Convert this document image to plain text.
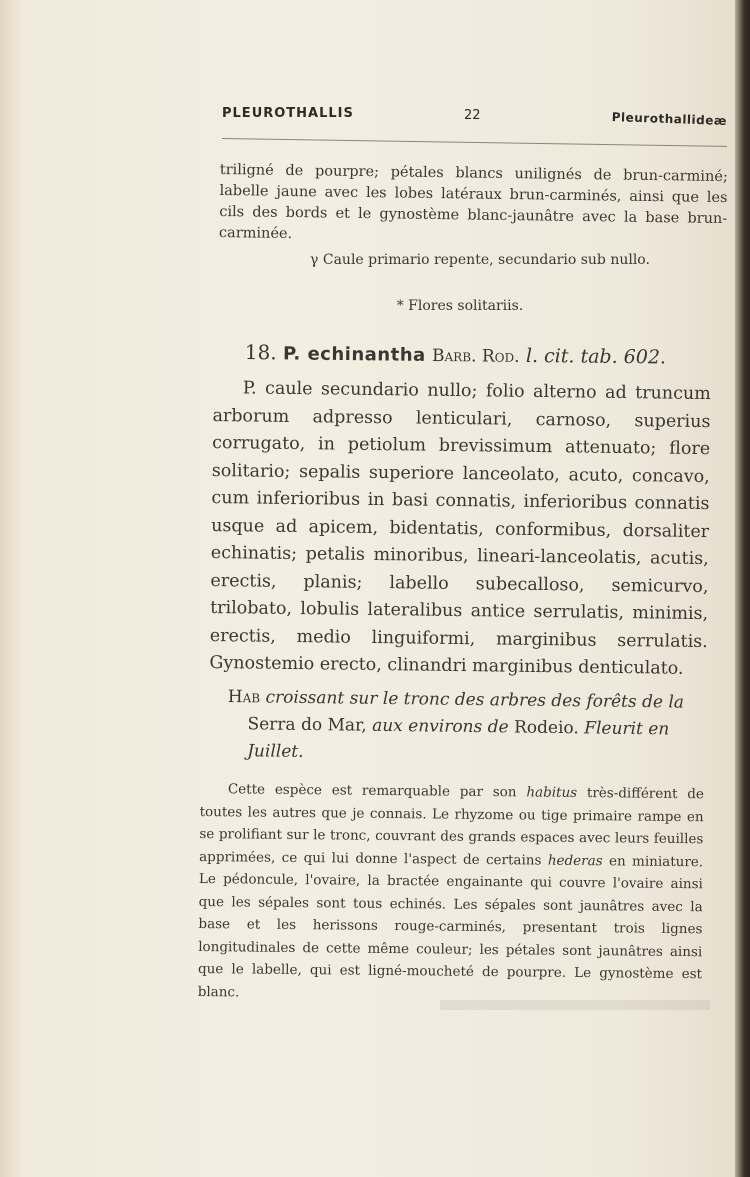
PLEUROTHALLIS	22	Pleurothallideæ

triligné de pourpre; pétales blancs unilignés de brun-carminé; labelle jaune avec les lobes latéraux brun-carminés, ainsi que les cils des bords et le gynostème blanc-jaunâtre avec la base brun-carminée.

γ Caule primario repente, secundario sub nullo.
* Flores solitariis.
18. P. echinantha Barb. Rod. l. cit. tab. 602.

P. caule secundario nullo; folio alterno ad truncum arborum adpresso lenticulari, carnoso, superius corrugato, in petiolum brevissimum attenuato; flore solitario; sepalis superiore lanceolato, acuto, concavo, cum inferioribus in basi connatis, inferioribus connatis usque ad apicem, bidentatis, conformibus, dorsaliter echinatis; petalis minoribus, lineari-lanceolatis, acutis, erectis, planis; labello subecalloso, semicurvo, trilobato, lobulis lateralibus antice serrulatis, minimis, erectis, medio linguiformi, marginibus serrulatis. Gynostemio erecto, clinandri marginibus denticulato.

Hab croissant sur le tronc des arbres des forêts de la
Serra do Mar, aux environs de Rodeio. Fleurit en Juillet.

Cette espèce est remarquable par son habitus très-différent de toutes les autres que je connais. Le rhyzome ou tige primaire rampe en se prolifiant sur le tronc, couvrant des grands espaces avec leurs feuilles apprimées, ce qui lui donne l'aspect de certains hederas en miniature. Le pédoncule, l'ovaire, la bractée engainante qui couvre l'ovaire ainsi que les sépales sont tous echinés. Les sépales sont jaunâtres avec la base et les herissons rouge-carminés, presentant trois lignes longitudinales de cette même couleur; les pétales sont jaunâtres ainsi que le labelle, qui est ligné-moucheté de pourpre. Le gynostème est blanc.
